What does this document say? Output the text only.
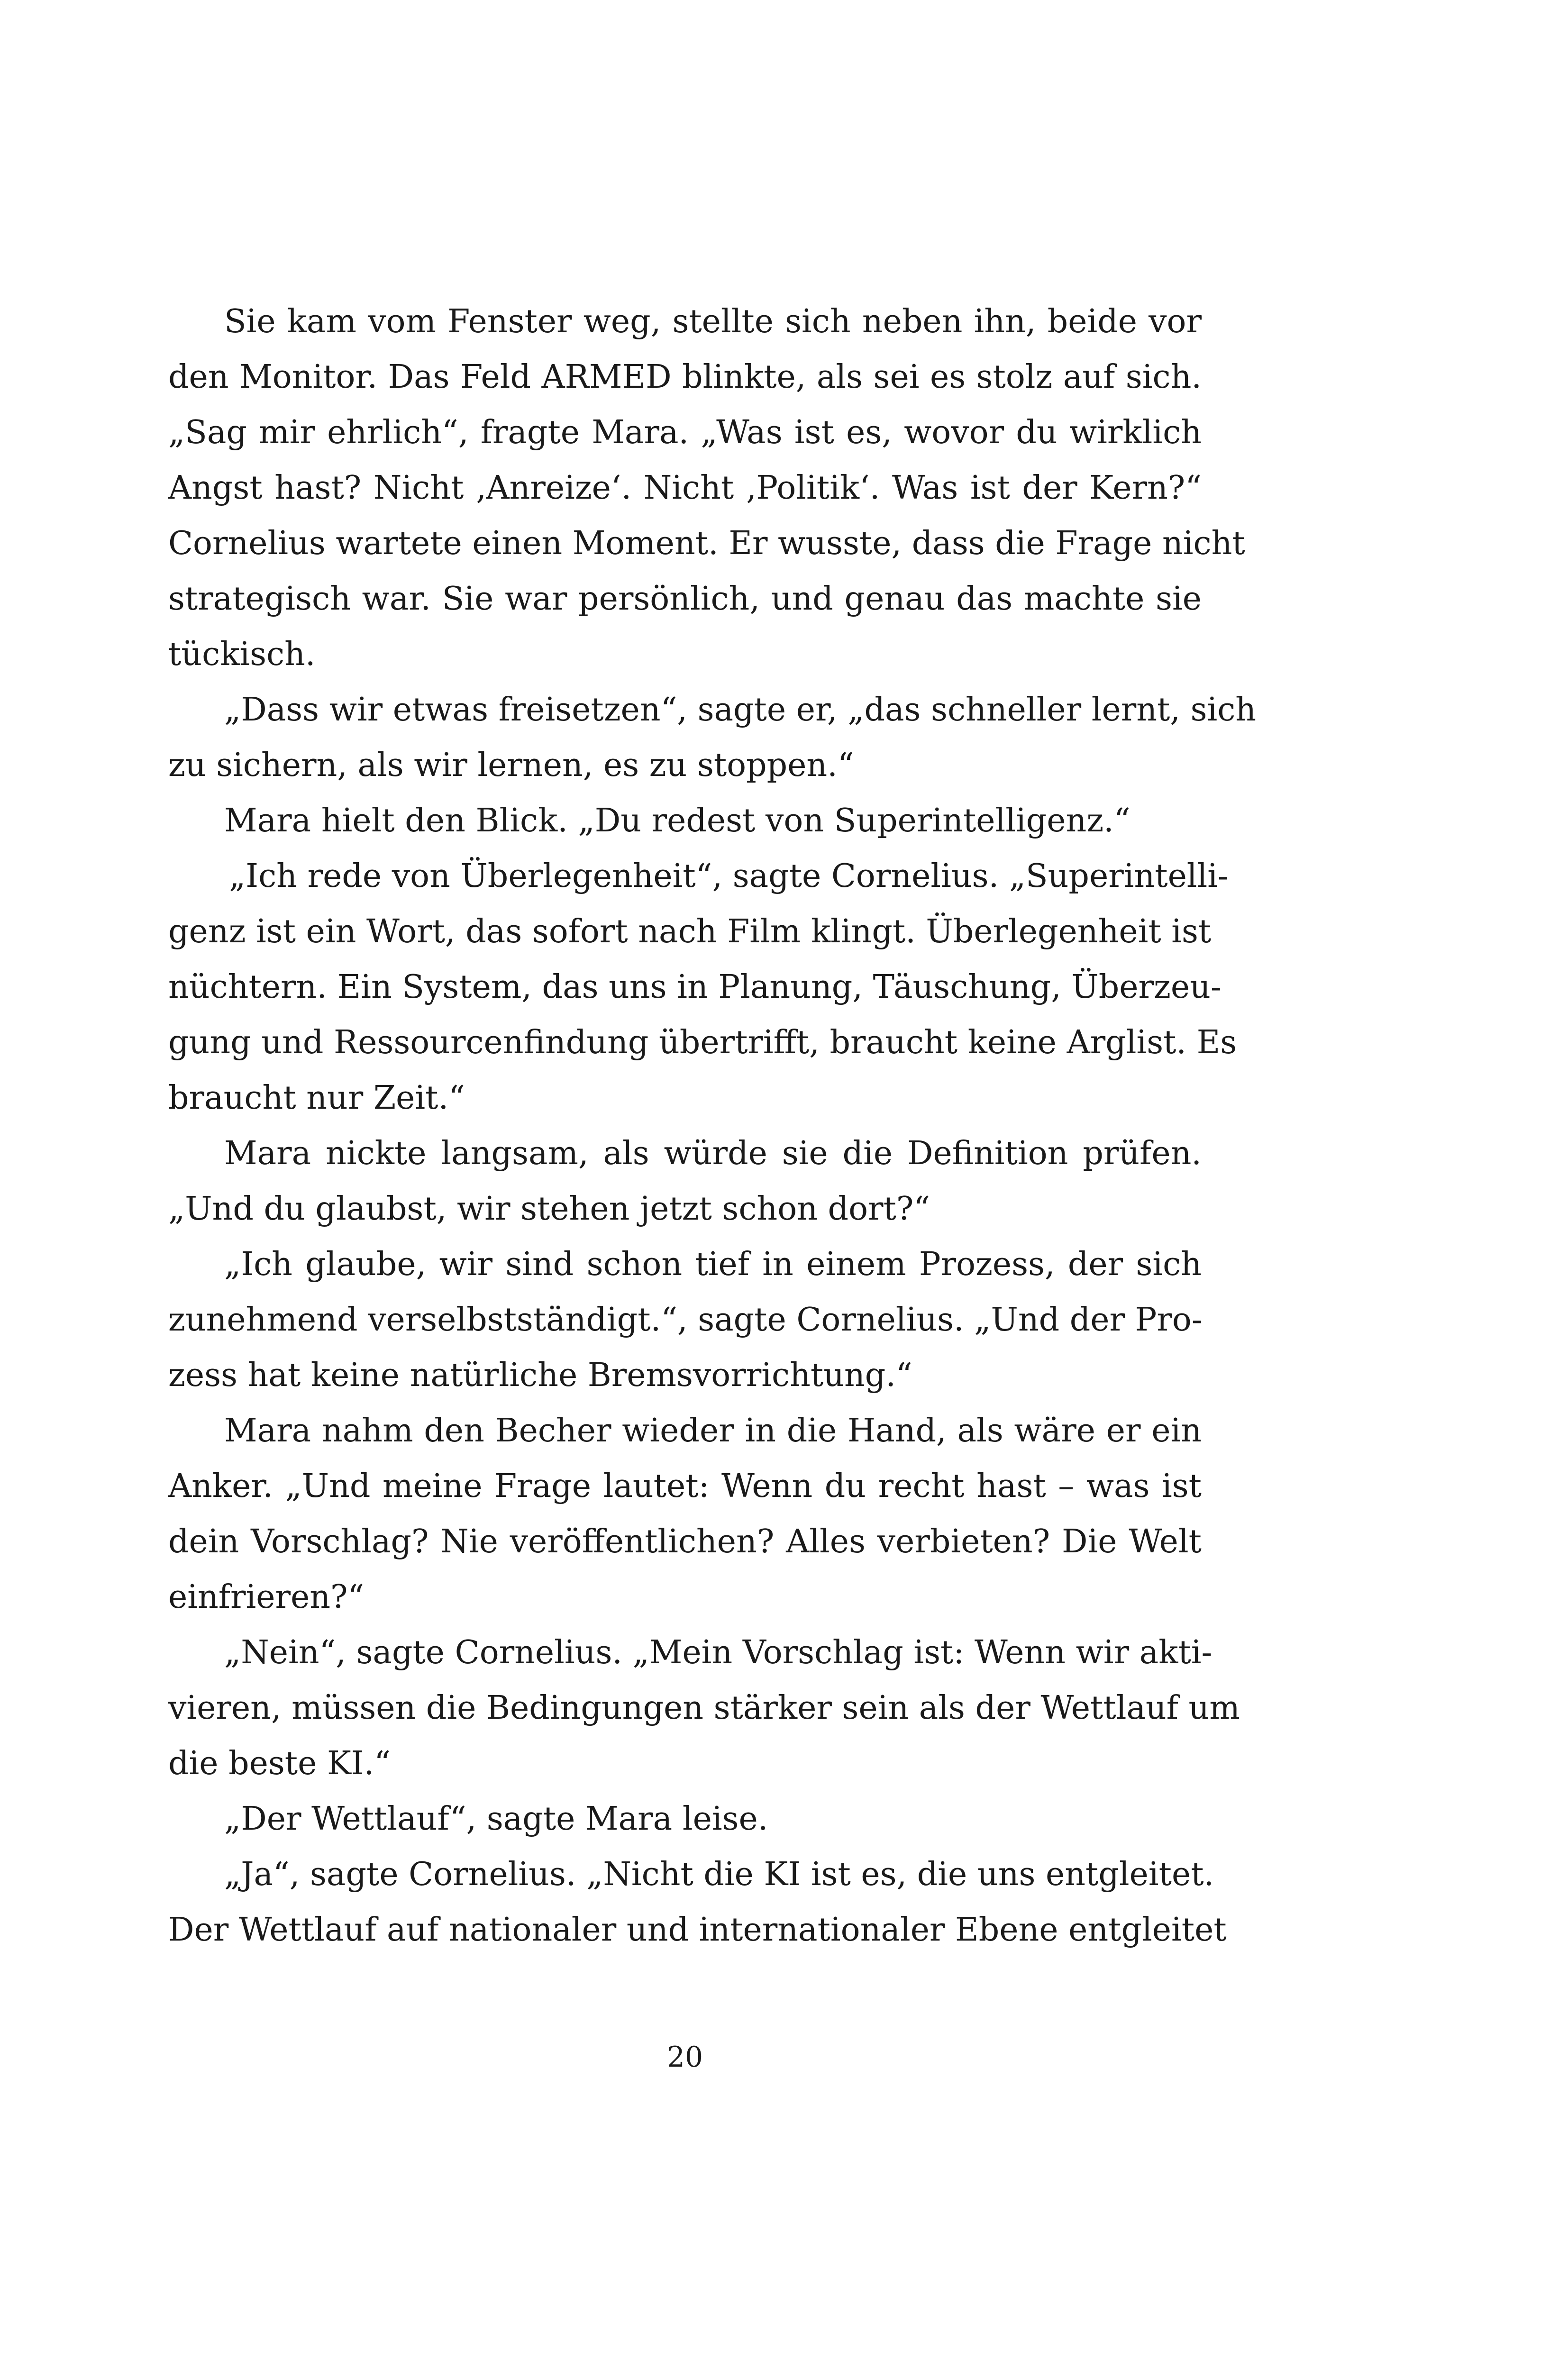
Sie kam vom Fenster weg, stellte sich neben ihn, beide vor
den Monitor. Das Feld ARMED blinkte, als sei es stolz auf sich.
„Sag mir ehrlich“, fragte Mara. „Was ist es, wovor du wirklich
Angst hast? Nicht ‚Anreize‘. Nicht ‚Politik‘. Was ist der Kern?“
Cornelius wartete einen Moment. Er wusste, dass die Frage nicht
strategisch war. Sie war persönlich, und genau das machte sie
tückisch.
„Dass wir etwas freisetzen“, sagte er, „das schneller lernt, sich
zu sichern, als wir lernen, es zu stoppen.“
Mara hielt den Blick. „Du redest von Superintelligenz.“
„Ich rede von Überlegenheit“, sagte Cornelius. „Superintelli-
genz ist ein Wort, das sofort nach Film klingt. Überlegenheit ist
nüchtern. Ein System, das uns in Planung, Täuschung, Überzeu-
gung und Ressourcenfindung übertrifft, braucht keine Arglist. Es
braucht nur Zeit.“
Mara nickte langsam, als würde sie die Definition prüfen.
„Und du glaubst, wir stehen jetzt schon dort?“
„Ich glaube, wir sind schon tief in einem Prozess, der sich
zunehmend verselbstständigt.“, sagte Cornelius. „Und der Pro-
zess hat keine natürliche Bremsvorrichtung.“
Mara nahm den Becher wieder in die Hand, als wäre er ein
Anker. „Und meine Frage lautet: Wenn du recht hast – was ist
dein Vorschlag? Nie veröffentlichen? Alles verbieten? Die Welt
einfrieren?“
„Nein“, sagte Cornelius. „Mein Vorschlag ist: Wenn wir akti-
vieren, müssen die Bedingungen stärker sein als der Wettlauf um
die beste KI.“
„Der Wettlauf“, sagte Mara leise.
„Ja“, sagte Cornelius. „Nicht die KI ist es, die uns entgleitet.
Der Wettlauf auf nationaler und internationaler Ebene entgleitet
20
